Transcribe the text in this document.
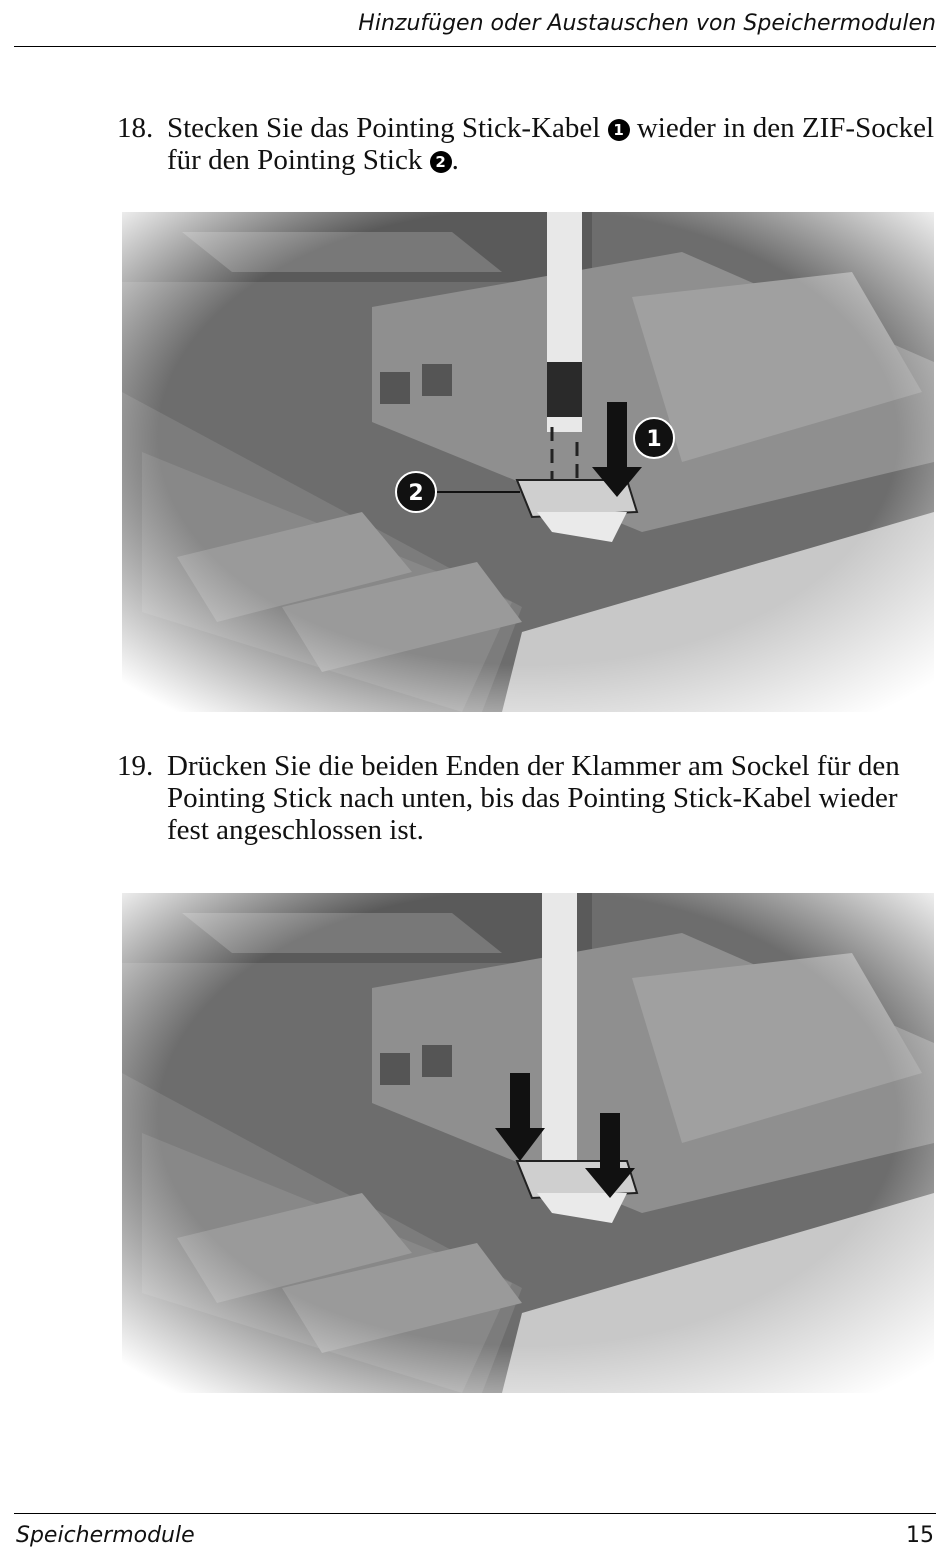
Hinzufügen oder Austauschen von Speichermodulen
18. Stecken Sie das Pointing Stick-Kabel 1 wieder in den ZIF-Sockel für den Pointing Stick 2 .
19. Drücken Sie die beiden Enden der Klammer am Sockel für den Pointing Stick nach unten, bis das Pointing Stick-Kabel wieder fest angeschlossen ist.
Speichermodule	15
